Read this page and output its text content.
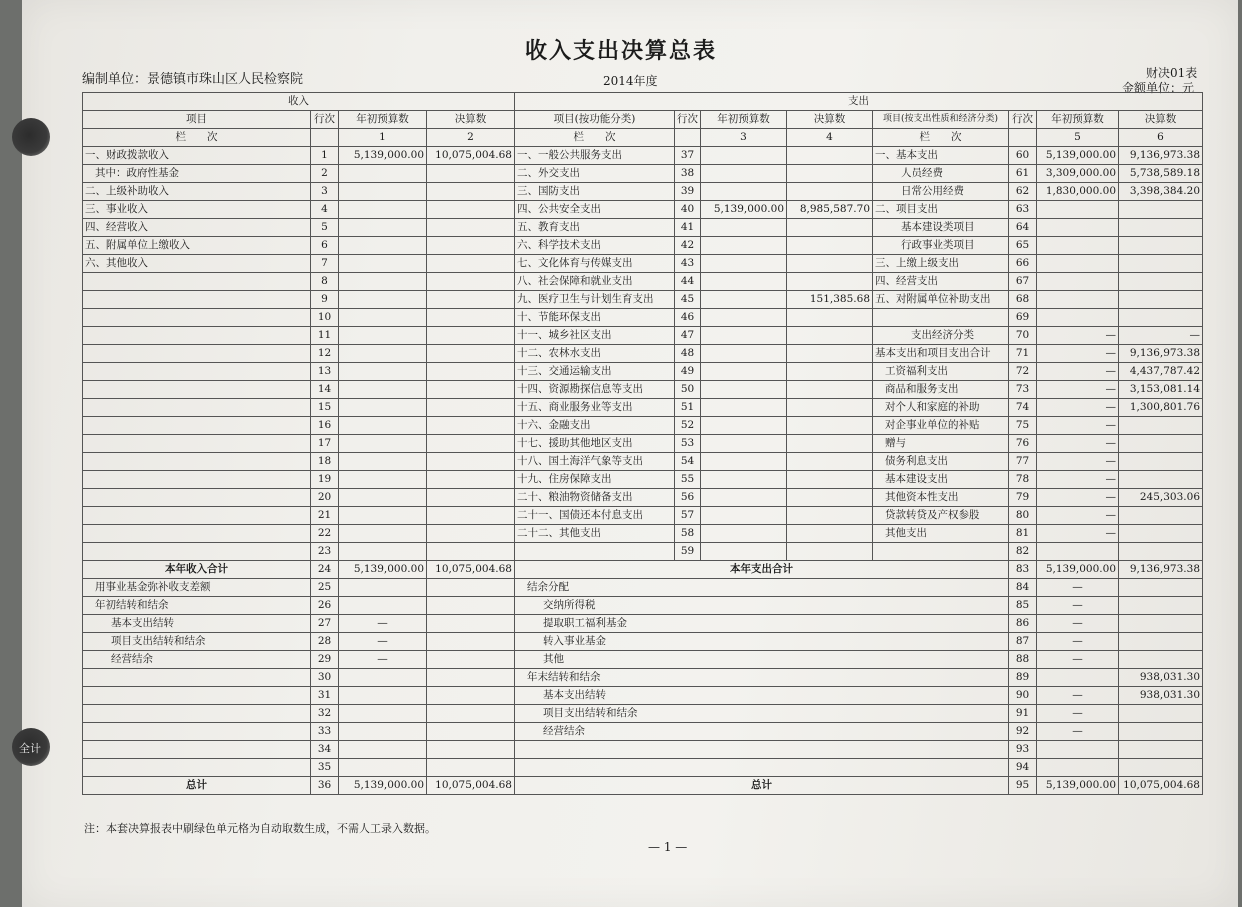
全计
收入支出决算总表
编制单位：景德镇市珠山区人民检察院	2014年度
财决01表
金额单位：元
收入				支出							
项目	行次	年初预算数	决算数	项目(按功能分类)	行次	年初预算数	决算数	项目(按支出性质和经济分类)	行次	年初预算数	决算数
栏　　次		1	2	栏　　次		3	4	栏　　次		5	6
一、财政拨款收入	1	5,139,000.00	10,075,004.68	一、一般公共服务支出	37			一、基本支出	60	5,139,000.00	9,136,973.38
其中：政府性基金	2			二、外交支出	38			人员经费	61	3,309,000.00	5,738,589.18
二、上级补助收入	3			三、国防支出	39			日常公用经费	62	1,830,000.00	3,398,384.20
三、事业收入	4			四、公共安全支出	40	5,139,000.00	8,985,587.70	二、项目支出	63		
四、经营收入	5			五、教育支出	41			基本建设类项目	64		
五、附属单位上缴收入	6			六、科学技术支出	42			行政事业类项目	65		
六、其他收入	7			七、文化体育与传媒支出	43			三、上缴上级支出	66		
	8			八、社会保障和就业支出	44			四、经营支出	67		
	9			九、医疗卫生与计划生育支出	45		151,385.68	五、对附属单位补助支出	68		
	10			十、节能环保支出	46				69		
	11			十一、城乡社区支出	47			支出经济分类	70	—	—
	12			十二、农林水支出	48			基本支出和项目支出合计	71	—	9,136,973.38
	13			十三、交通运输支出	49			工资福利支出	72	—	4,437,787.42
	14			十四、资源勘探信息等支出	50			商品和服务支出	73	—	3,153,081.14
	15			十五、商业服务业等支出	51			对个人和家庭的补助	74	—	1,300,801.76
	16			十六、金融支出	52			对企事业单位的补贴	75	—	
	17			十七、援助其他地区支出	53			赠与	76	—	
	18			十八、国土海洋气象等支出	54			债务利息支出	77	—	
	19			十九、住房保障支出	55			基本建设支出	78	—	
	20			二十、粮油物资储备支出	56			其他资本性支出	79	—	245,303.06
	21			二十一、国债还本付息支出	57			贷款转贷及产权参股	80	—	
	22			二十二、其他支出	58			其他支出	81	—	
	23				59				82		
本年收入合计	24	5,139,000.00	10,075,004.68	本年支出合计					83	5,139,000.00	9,136,973.38
用事业基金弥补收支差额	25			结余分配					84	—	
年初结转和结余	26			交纳所得税					85	—	
基本支出结转	27	—		提取职工福利基金					86	—	
项目支出结转和结余	28	—		转入事业基金					87	—	
经营结余	29	—		其他					88	—	
	30			年末结转和结余					89		938,031.30
	31			基本支出结转					90	—	938,031.30
	32			项目支出结转和结余					91	—	
	33			经营结余					92	—	
	34								93		
	35								94		
总计	36	5,139,000.00	10,075,004.68	总计					95	5,139,000.00	10,075,004.68
注：本套决算报表中刷绿色单元格为自动取数生成，不需人工录入数据。
— 1 —
